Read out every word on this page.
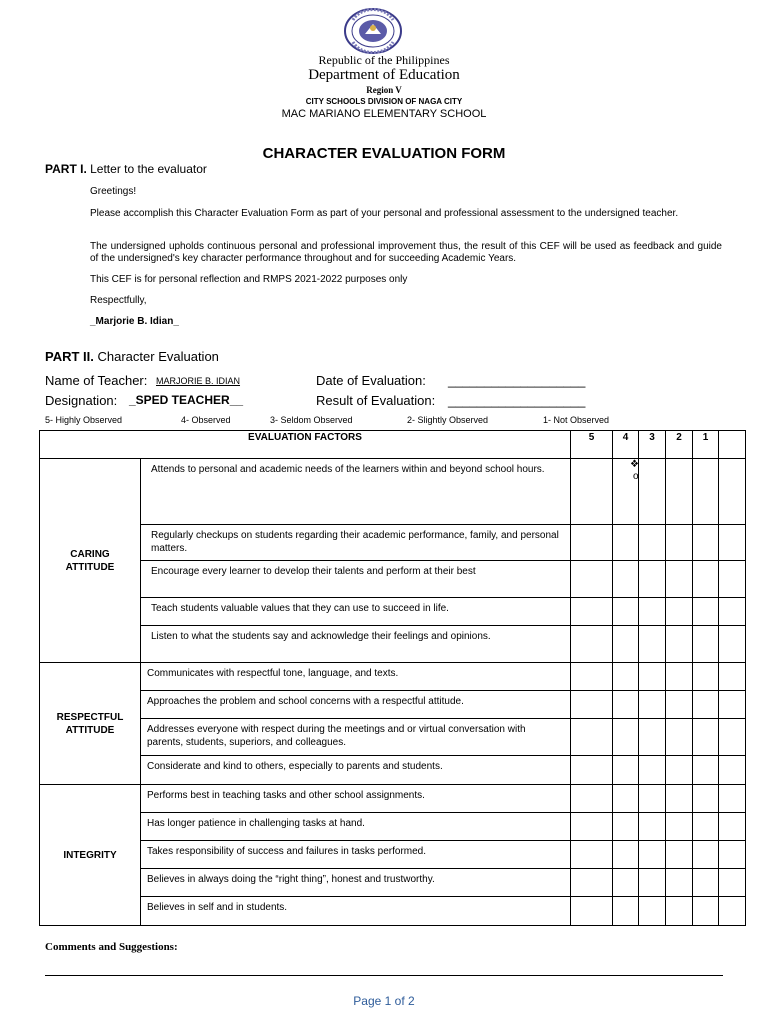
Republic of the Philippines
Department of Education
Region V
CITY SCHOOLS DIVISION OF NAGA CITY
MAC MARIANO ELEMENTARY SCHOOL
CHARACTER EVALUATION FORM
PART I. Letter to the evaluator
Greetings!
Please accomplish this Character Evaluation Form as part of your personal and professional assessment to the undersigned teacher.
The undersigned upholds continuous personal and professional improvement thus, the result of this CEF will be used as feedback and guide of the undersigned's key character performance throughout and for succeeding Academic Years.
This CEF is for personal reflection and RMPS 2021-2022 purposes only
Respectfully,
_Marjorie B. Idian_
PART II. Character Evaluation
Name of Teacher: MARJORIE B. IDIAN	Date of Evaluation: ___________________
Designation: _SPED TEACHER__	Result of Evaluation: ___________________
5- Highly Observed	4- Observed	3- Seldom Observed	2- Slightly Observed	1- Not Observed
EVALUATION FACTORS		5	4	3	2	1	
CARING ATTITUDE	Attends to personal and academic needs of the learners within and beyond school hours.						

	Regularly checkups on students regarding their academic performance, family, and personal matters.						

	Encourage every learner to develop their talents and perform at their best						

	Teach students valuable values that they can use to succeed in life.						

	Listen to what the students say and acknowledge their feelings and opinions.						

RESPECTFUL ATTITUDE	Communicates with respectful tone, language, and texts.						

	Approaches the problem and school concerns with a respectful attitude.						

	Addresses everyone with respect during the meetings and or virtual conversation with parents, students, superiors, and colleagues.						

	Considerate and kind to others, especially to parents and students.						

INTEGRITY	Performs best in teaching tasks and other school assignments.						

	Has longer patience in challenging tasks at hand.						

	Takes responsibility of success and failures in tasks performed.						

	Believes in always doing the “right thing”, honest and trustworthy.						

	Believes in self and in students.						

❖
o
Comments and Suggestions:
Page 1 of 2
